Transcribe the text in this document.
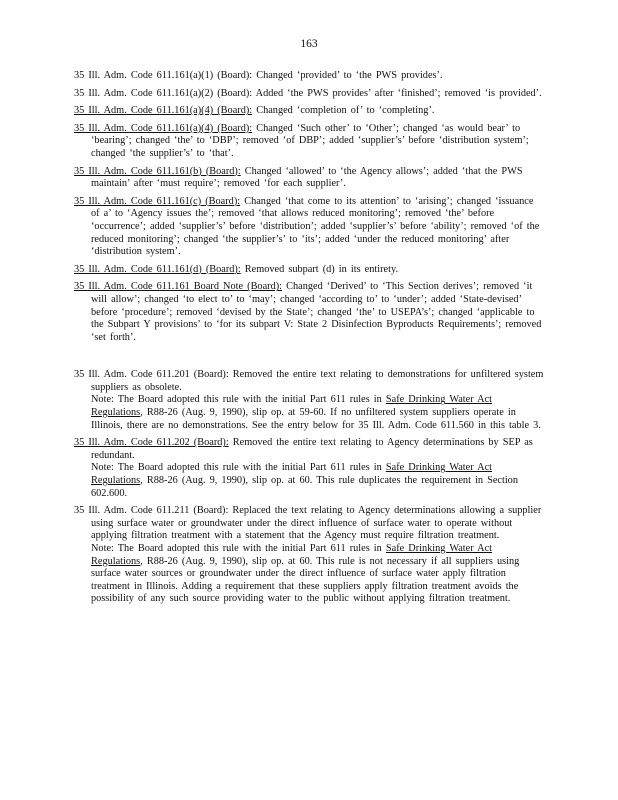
163
35 Ill. Adm. Code 611.161(a)(1) (Board): Changed ‘provided’ to ‘the PWS provides’.
35 Ill. Adm. Code 611.161(a)(2) (Board): Added ‘the PWS provides’ after ‘finished’; removed ‘is provided’.
35 Ill. Adm. Code 611.161(a)(4) (Board): Changed ‘completion of’ to ‘completing’.
35 Ill. Adm. Code 611.161(a)(4) (Board): Changed ‘Such other’ to ‘Other’; changed ‘as would bear’ to ‘bearing’; changed ‘the’ to ‘DBP’; removed ‘of DBP’; added ‘supplier’s’ before ‘distribution system’; changed ‘the supplier’s’ to ‘that’.
35 Ill. Adm. Code 611.161(b) (Board): Changed ‘allowed’ to ‘the Agency allows’; added ‘that the PWS maintain’ after ‘must require’; removed ‘for each supplier’.
35 Ill. Adm. Code 611.161(c) (Board): Changed ‘that come to its attention’ to ‘arising’; changed ‘issuance of a’ to ‘Agency issues the’; removed ‘that allows reduced monitoring’; removed ‘the’ before ‘occurrence’; added ‘supplier’s’ before ‘distribution’; added ‘supplier’s’ before ‘ability’; removed ‘of the reduced monitoring’; changed ‘the supplier’s’ to ‘its’; added ‘under the reduced monitoring’ after ‘distribution system’.
35 Ill. Adm. Code 611.161(d) (Board): Removed subpart (d) in its entirety.
35 Ill. Adm. Code 611.161 Board Note (Board): Changed ‘Derived’ to ‘This Section derives’; removed ‘it will allow’; changed ‘to elect to’ to ‘may’; changed ‘according to’ to ‘under’; added ‘State-devised’ before ‘procedure’; removed ‘devised by the State’; changed ‘the’ to USEPA’s’; changed ‘applicable to the Subpart Y provisions’ to ‘for its subpart V: State 2 Disinfection Byproducts Requirements’; removed ‘set forth’.
35 Ill. Adm. Code 611.201 (Board): Removed the entire text relating to demonstrations for unfiltered system suppliers as obsolete.
Note: The Board adopted this rule with the initial Part 611 rules in Safe Drinking Water Act Regulations, R88-26 (Aug. 9, 1990), slip op. at 59-60. If no unfiltered system suppliers operate in Illinois, there are no demonstrations. See the entry below for 35 Ill. Adm. Code 611.560 in this table 3.
35 Ill. Adm. Code 611.202 (Board): Removed the entire text relating to Agency determinations by SEP as redundant.
Note: The Board adopted this rule with the initial Part 611 rules in Safe Drinking Water Act Regulations, R88-26 (Aug. 9, 1990), slip op. at 60. This rule duplicates the requirement in Section 602.600.
35 Ill. Adm. Code 611.211 (Board): Replaced the text relating to Agency determinations allowing a supplier using surface water or groundwater under the direct influence of surface water to operate without applying filtration treatment with a statement that the Agency must require filtration treatment.
Note: The Board adopted this rule with the initial Part 611 rules in Safe Drinking Water Act Regulations, R88-26 (Aug. 9, 1990), slip op. at 60. This rule is not necessary if all suppliers using surface water sources or groundwater under the direct influence of surface water apply filtration treatment in Illinois. Adding a requirement that these suppliers apply filtration treatment avoids the possibility of any such source providing water to the public without applying filtration treatment.
